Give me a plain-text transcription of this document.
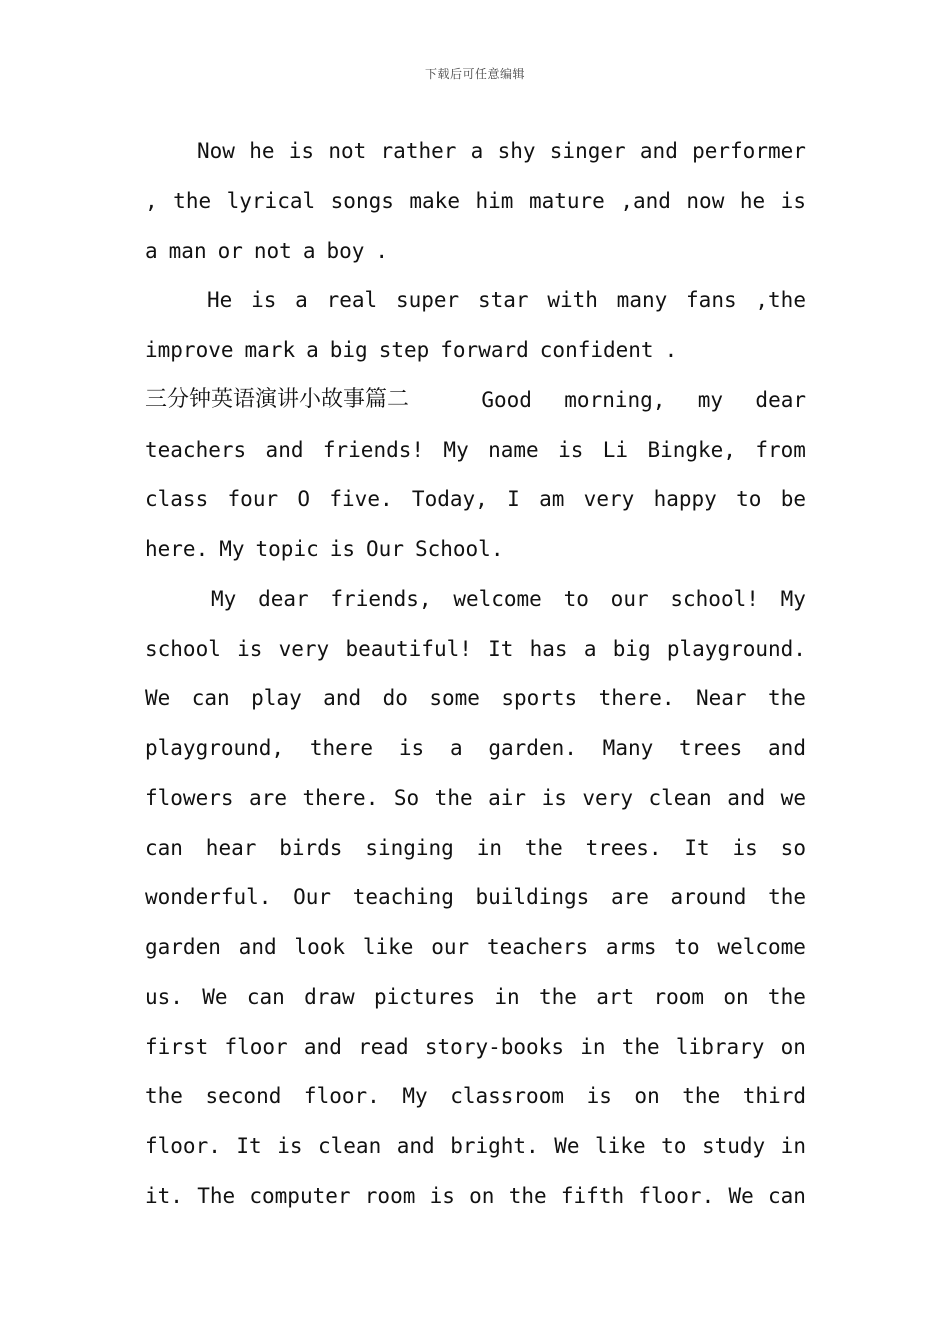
下载后可任意编辑
Now he is not rather a shy singer and performer
, the lyrical songs make him mature ,and now he is
a man or not a boy .
He is a real super star with many fans ,the
improve mark a big step forward confident .
三分钟英语演讲小故事篇二	Good morning, my dear
teachers and friends! My name is Li Bingke, from
class four O five. Today, I am very happy to be
here. My topic is Our School.
My dear friends, welcome to our school! My
school is very beautiful! It has a big playground.
We can play and do some sports there. Near the
playground, there is a garden. Many trees and
flowers are there. So the air is very clean and we
can hear birds singing in the trees. It is so
wonderful. Our teaching buildings are around the
garden and look like our teachers arms to welcome
us. We can draw pictures in the art room on the
first floor and read story-books in the library on
the second floor. My classroom is on the third
floor. It is clean and bright. We like to study in
it. The computer room is on the fifth floor. We can
